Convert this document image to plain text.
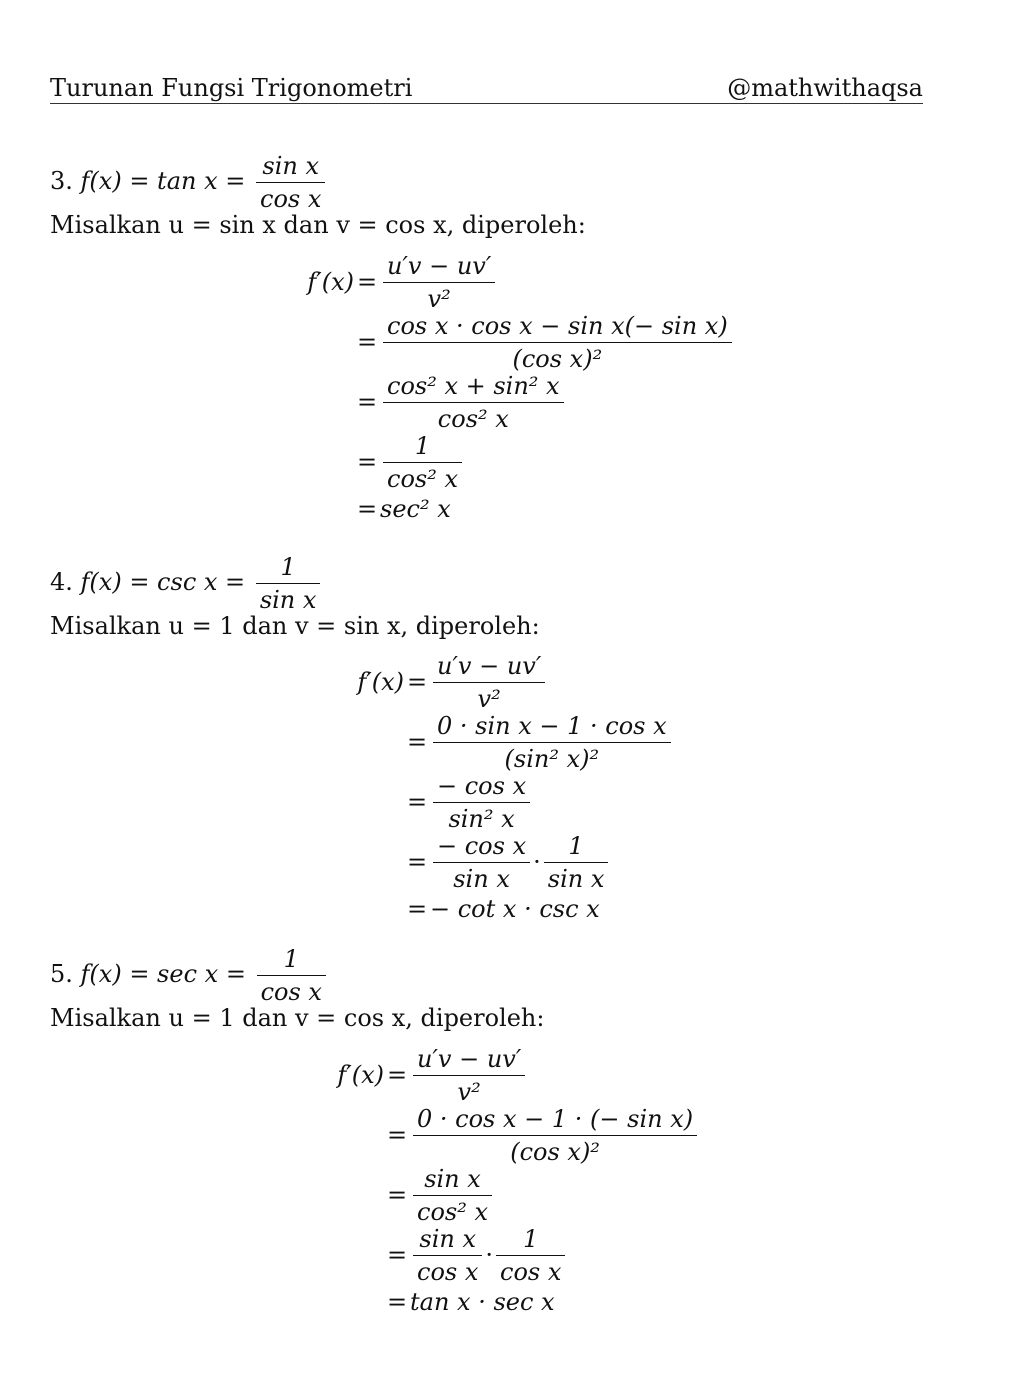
Turunan Fungsi Trigonometri	@mathwithaqsa
3. $f(x) = \tan x = \frac{\text{sin x}}{\text{cos x}}$
Misalkan u = sin x dan v = cos x, diperoleh:
$f'(x) = \frac{u'v - uv'}{\text{v²}}$
= $\frac{\text{cos x · cos x − sin x(− sin x)}}{\text{(cos x)²}}$
= $\frac{\text{cos² x + sin² x}}{\text{cos² x}}$
= $\frac{1}{\text{cos² x}}$
= sec² x
4. $f(x) = \csc x = \frac{1}{\text{sin x}}$
Misalkan u = 1 dan v = sin x, diperoleh:
$f'(x) = \frac{u'v - uv'}{\text{v²}}$
= $\frac{\text{0 · sin x − 1 · cos x}}{\text{(sin² x)²}}$
= $\frac{\text{− cos x}}{\text{sin² x}}$
= $\frac{\text{− cos x}}{\text{sin x}} \cdot \frac{1}{\text{sin x}}$
= − cot x · csc x
5. $f(x) = \sec x = \frac{1}{\text{cos x}}$
Misalkan u = 1 dan v = cos x, diperoleh:
$f'(x) = \frac{u'v - uv'}{\text{v²}}$
= $\frac{\text{0 · cos x − 1 · (− sin x)}}{\text{(cos x)²}}$
= $\frac{\text{sin x}}{\text{cos² x}}$
= $\frac{\text{sin x}}{\text{cos x}} \cdot \frac{1}{\text{cos x}}$
= tan x · sec x
